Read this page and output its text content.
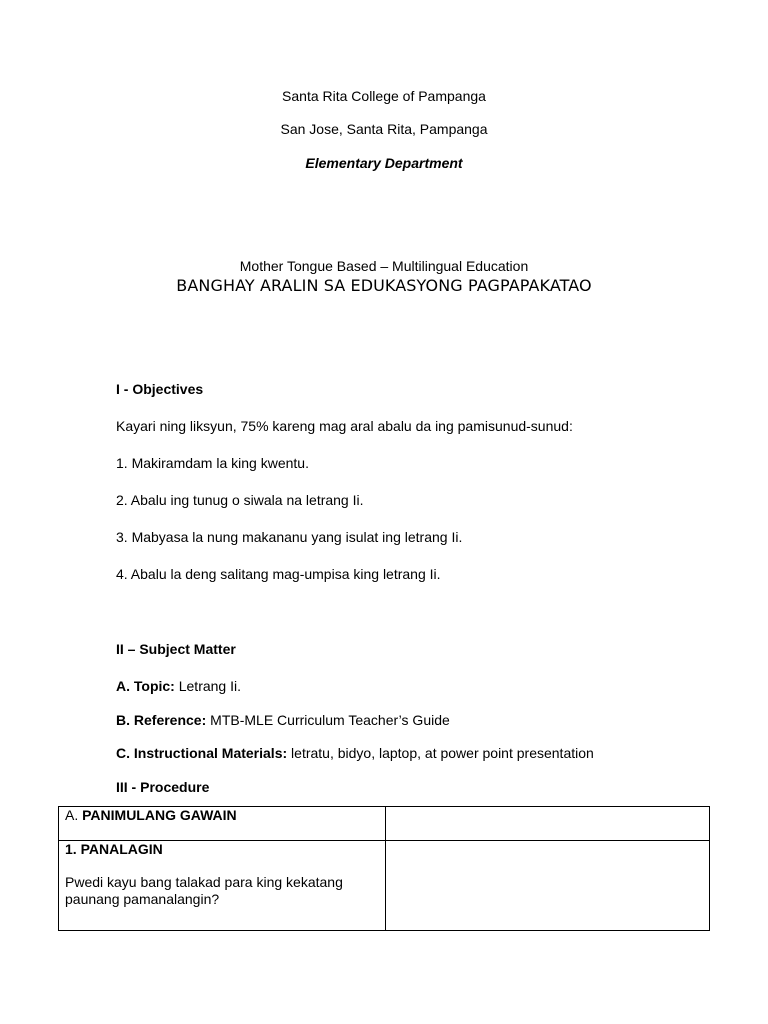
Santa Rita College of Pampanga
San Jose, Santa Rita, Pampanga
Elementary Department
Mother Tongue Based – Multilingual Education
BANGHAY ARALIN SA EDUKASYONG PAGPAPAKATAO
I - Objectives
Kayari ning liksyun, 75% kareng mag aral abalu da ing pamisunud-sunud:
1. Makiramdam la king kwentu.
2. Abalu ing tunug o siwala na letrang Ii.
3. Mabyasa la nung makananu yang isulat ing letrang Ii.
4. Abalu la deng salitang mag-umpisa king letrang Ii.
II – Subject Matter
A. Topic: Letrang Ii.
B. Reference: MTB-MLE Curriculum Teacher’s Guide
C. Instructional Materials: letratu, bidyo, laptop, at power point presentation
III - Procedure
A. PANIMULANG GAWAIN	

1. PANALAGIN
Pwedi kayu bang talakad para king kekatang paunang pamanalangin?	
